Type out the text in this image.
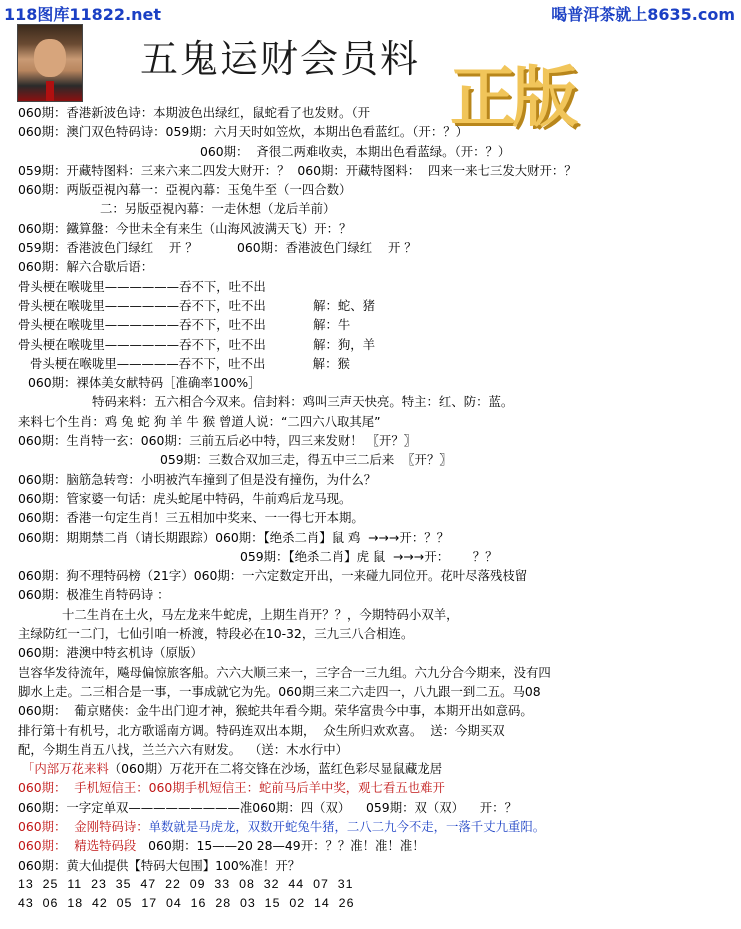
118图库11822.net	喝普洱茶就上8635.com
五鬼运财会员料 正版
060期：香港新波色诗：本期波色出绿红，鼠蛇看了也发财。（开
060期：澳门双色特码诗：059期：六月天时如笠炊，本期出色看蓝红。（开：？）
060期：  斉很二两难收卖，本期出色看蓝绿。（开：？）
059期：开藏特图料：三来六来二四发大财开：？  060期：开藏特图料：  四来一来七三发大财开：？
060期：两版亞視內幕一：亞視內幕：玉兔牛至（一四合数）
二：另版亞視內幕：一走休想（龙后羊前）
060期：鐵算盤：今世未全有来生（山海风波满天飞）开：？
059期：香港波色门绿红    开 ？          060期：香港波色门绿红    开 ？
060期：解六合歇后语：
骨头梗在喉咙里——————吞不下，吐不出
骨头梗在喉咙里——————吞不下，吐不出            解：蛇、猪
骨头梗在喉咙里——————吞不下，吐不出            解：牛
骨头梗在喉咙里——————吞不下，吐不出            解：狗，羊
骨头梗在喉咙里—————吞不下，吐不出            解：猴
060期：裸体美女献特码［准确率100%］
特码来料：五六相合今双来。信封料：鸡叫三声天快亮。特主：红、防：蓝。
来料七个生肖：鸡 兔 蛇 狗 羊 牛 猴 曾道人说：“二四六八取其尾”
060期：生肖特一玄：060期：三前五后必中特，四三来发财！ 〖开？〗
059期：三数合双加三走，得五中三二后来  〖开？〗
060期：脑筋急转弯：小明被汽车撞到了但是没有撞伤，为什么？
060期：管家婆一句话：虎头蛇尾中特码，牛前鸡后龙马现。
060期：香港一句定生肖！三五相加中奖来、一一得七开本期。
060期：期期禁二肖（请长期跟踪）060期：【绝杀二肖】鼠 鸡  →→→开：？？
059期：【绝杀二肖】虎 鼠  →→→开：      ？？
060期：狗不理特码榜（21字）060期：一六定数定开出，一来碰九同位开。花叶尽落残枝留
060期：极准生肖特码诗 ：
十二生肖在土火，马左龙来牛蛇虎，上期生肖开？？，今期特码小双羊，
主绿防红一二门，七仙引咱一桥渡，特段必在10-32，三九三八合相连。
060期：港澳中特玄机诗（原版）
岂容华发待流年，飚母偏惊旅客船。六六大顺三来一，三字合一三九组。六九分合今期来，没有四
脚水上走。二三相合是一事，一事成就它为先。060期三来二六走四一，八九跟一到二五。马08
060期：  葡京赌侠：金牛出门迎才神，猴蛇共年看今期。荣华富贵今中事，本期开出如意码。
排行第十有机号，北方歌谣南方调。特码连双出本期，  众生所归欢欢喜。  送：今期买双
配，今期生肖五八找，兰兰六六有财发。  （送：木水行中）
「内部万花来料（060期）万花开在二将交锋在沙场，蓝红色彩尽显鼠藏龙居
060期：  手机短信王：060期手机短信王：蛇前马后羊中奖，观七看五也难开
060期：一字定单双—————————准060期：四（双）    059期：双（双）    开：？
060期：  金刚特码诗：单数就是马虎龙，双数开蛇兔牛猪，二八二九今不走，一落千丈九重阳。
060期：  精选特码段   060期：15——20 28—49开：？？准！准！准！
060期：黄大仙提供【特码大包围】100%准！开？
13  25  11  23  35  47  22  09  33  08  32  44  07  31
43  06  18  42  05  17  04  16  28  03  15  02  14  26
